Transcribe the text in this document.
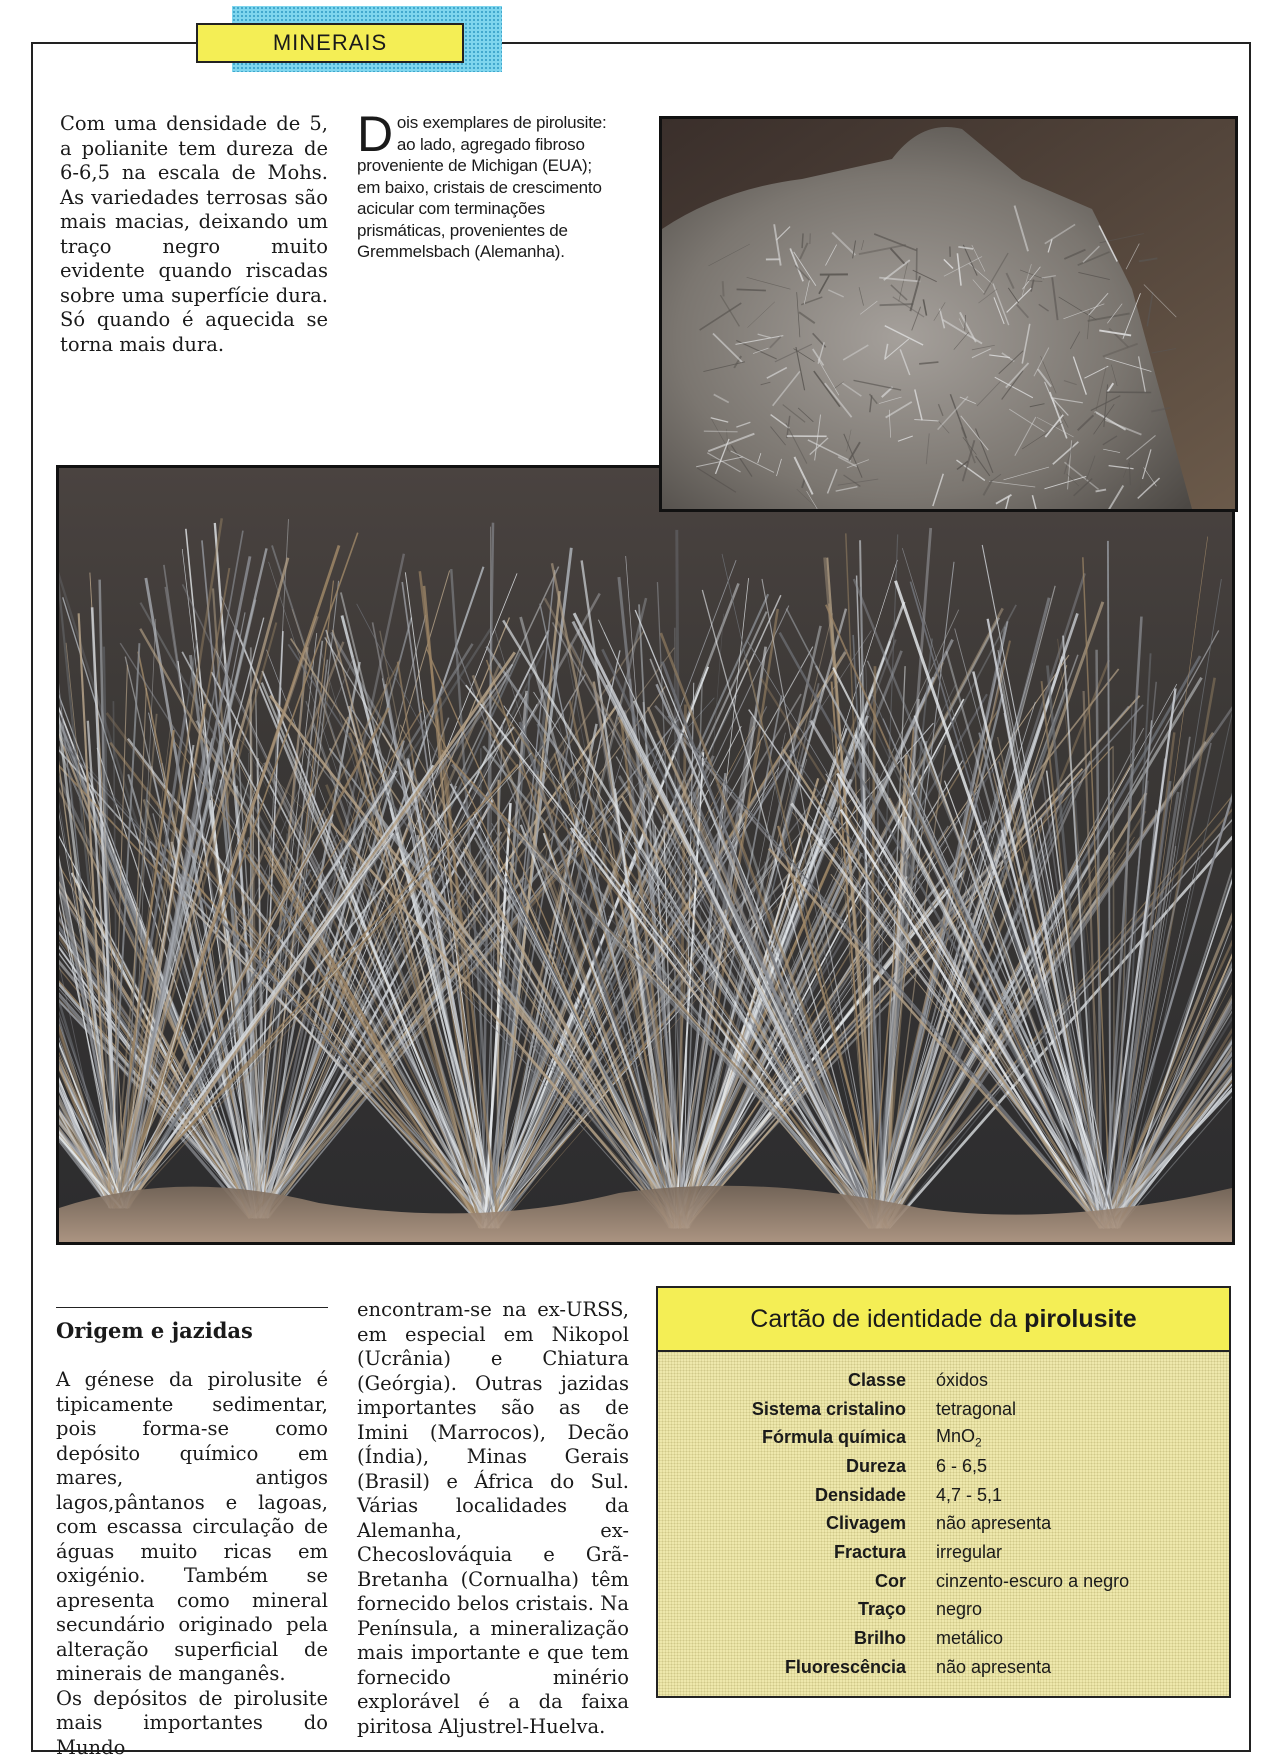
MINERAIS
Com uma densidade de 5, a polianite tem dureza de 6-6,5 na escala de Mohs. As variedades terrosas são mais macias, deixando um traço negro muito evidente quando riscadas sobre uma superfície dura. Só quando é aquecida se torna mais dura.
Dois exemplares de pirolusite: ao lado, agregado fibroso proveniente de Michigan (EUA); em baixo, cristais de crescimento acicular com terminações prismáticas, provenientes de Gremmelsbach (Alemanha).
Origem e jazidas

A génese da pirolusite é tipicamente sedimentar, pois forma-se como depósito químico em mares, antigos lagos,pântanos e lagoas, com escassa circulação de águas muito ricas em oxigénio. Também se apresenta como mineral secundário originado pela alteração superficial de minerais de manganês.

Os depósitos de pirolusite mais importantes do Mundo

encontram-se na ex-URSS, em especial em Nikopol (Ucrânia) e Chiatura (Geórgia). Outras jazidas importantes são as de Imini (Marrocos), Decão (Índia), Minas Gerais (Brasil) e África do Sul. Várias localidades da Alemanha, ex-Checoslováquia e Grã-Bretanha (Cornualha) têm fornecido belos cristais. Na Península, a mineralização mais importante e que tem fornecido minério explorável é a da faixa piritosa Aljustrel-Huelva.
Cartão de identidade da pirolusite
Classe	óxidos
Sistema cristalino	tetragonal
Fórmula química	MnO$_2$
Dureza	6 - 6,5
Densidade	4,7 - 5,1
Clivagem	não apresenta
Fractura	irregular
Cor	cinzento-escuro a negro
Traço	negro
Brilho	metálico
Fluorescência	não apresenta
